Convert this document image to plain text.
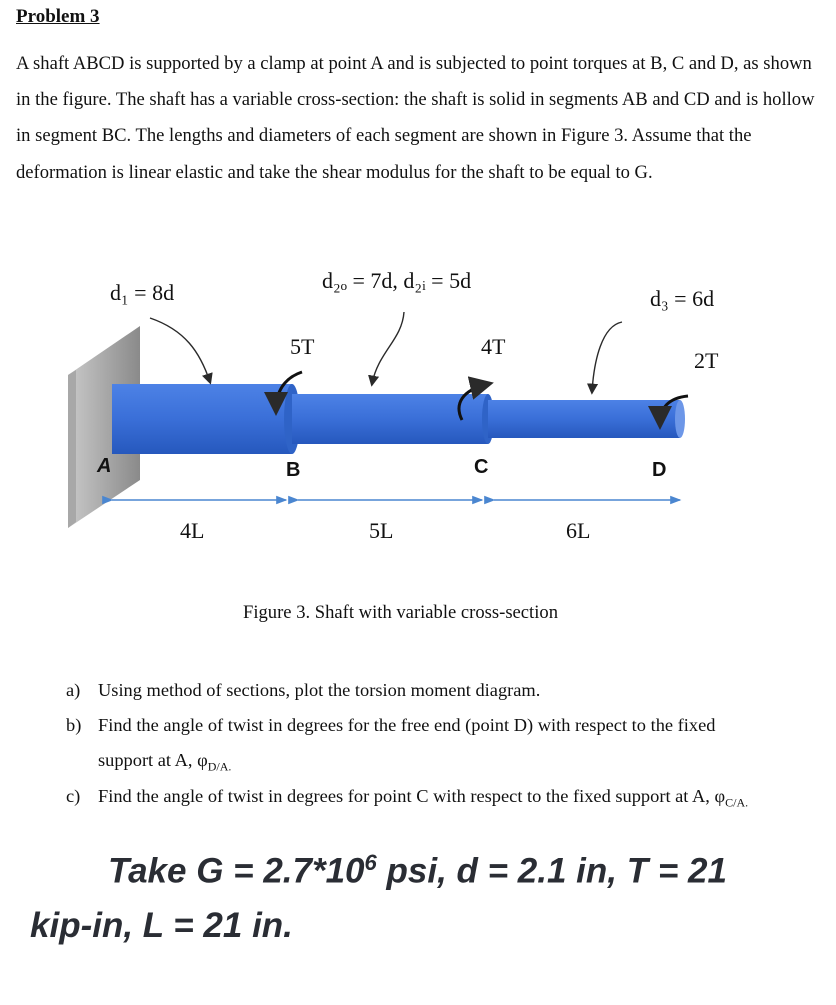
Problem 3
A shaft ABCD is supported by a clamp at point A and is subjected to point torques at B, C and D, as shown in the figure. The shaft has a variable cross-section: the shaft is solid in segments AB and CD and is hollow in segment BC. The lengths and diameters of each segment are shown in Figure 3. Assume that the deformation is linear elastic and take the shear modulus for the shaft to be equal to G.
d₁ = 8d	d₂ₒ = 7d, d₂ᵢ = 5d
d₃ = 6d
5T	4T
2T
A	B	C	D
4L	5L	6L
Figure 3. Shaft with variable cross-section
a) Using method of sections, plot the torsion moment diagram.
b) Find the angle of twist in degrees for the free end (point D) with respect to the fixed
support at A, $\varphi_{D/A.}$
c) Find the angle of twist in degrees for point C with respect to the fixed support at A, $\varphi_{C/A.}$
Take $G = 2.7*10^6$ psi, d = 2.1 in, T = 21
kip-in, L = 21 in.
